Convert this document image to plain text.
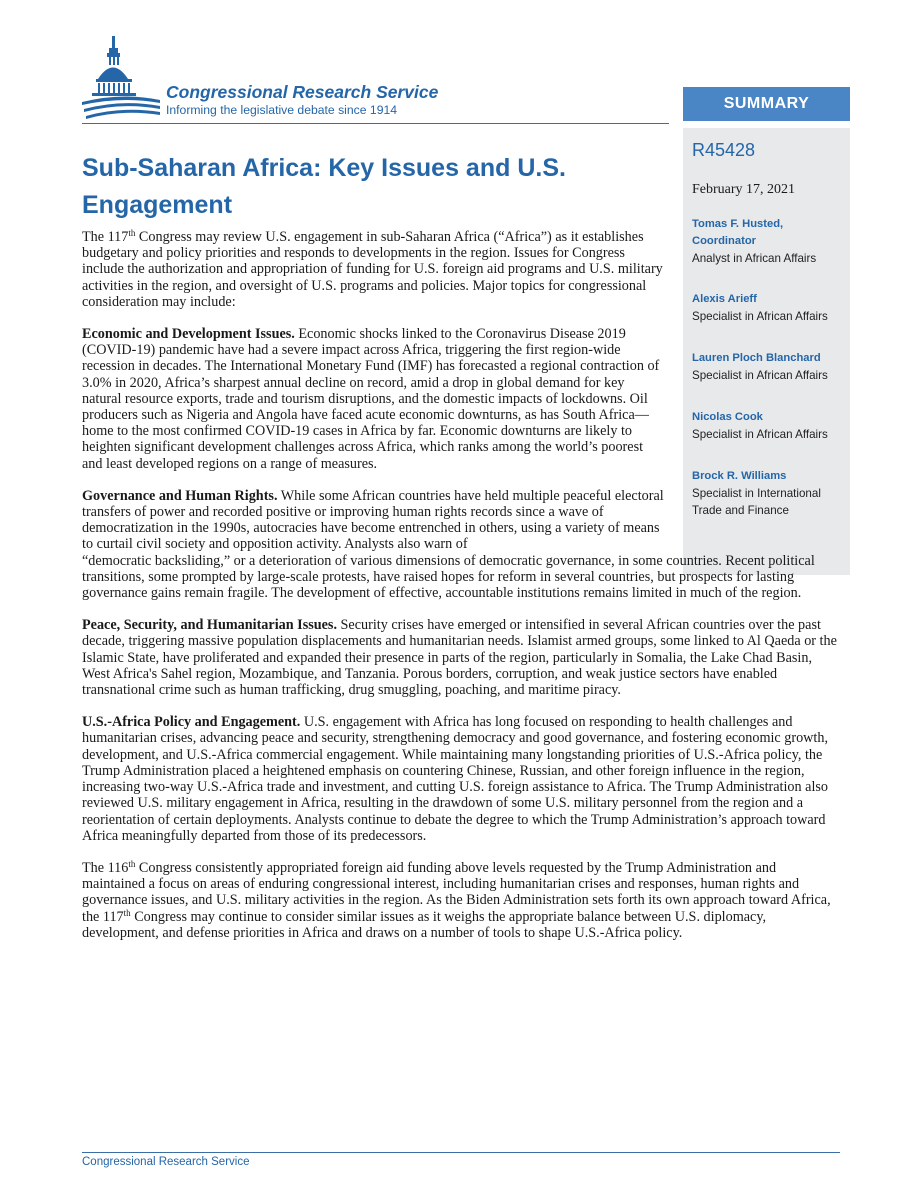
Congressional Research Service
Informing the legislative debate since 1914	SUMMARY
R45428
February 17, 2021
Tomas F. Husted,
Coordinator
Analyst in African Affairs
Alexis Arieff
Specialist in African Affairs
Lauren Ploch Blanchard
Specialist in African Affairs
Nicolas Cook
Specialist in African Affairs
Brock R. Williams
Specialist in International Trade and Finance
Sub-Saharan Africa: Key Issues and U.S. Engagement

The 117th Congress may review U.S. engagement in sub-Saharan Africa (“Africa”) as it establishes budgetary and policy priorities and responds to developments in the region. Issues for Congress include the authorization and appropriation of funding for U.S. foreign aid programs and U.S. military activities in the region, and oversight of U.S. programs and policies. Major topics for congressional consideration may include:

Economic and Development Issues. Economic shocks linked to the Coronavirus Disease 2019 (COVID-19) pandemic have had a severe impact across Africa, triggering the first region-wide recession in decades. The International Monetary Fund (IMF) has forecasted a regional contraction of 3.0% in 2020, Africa’s sharpest annual decline on record, amid a drop in global demand for key natural resource exports, trade and tourism disruptions, and the domestic impacts of lockdowns. Oil producers such as Nigeria and Angola have faced acute economic downturns, as has South Africa—home to the most confirmed COVID-19 cases in Africa by far. Economic downturns are likely to heighten significant development challenges across Africa, which ranks among the world’s poorest and least developed regions on a range of measures.

Governance and Human Rights. While some African countries have held multiple peaceful electoral transfers of power and recorded positive or improving human rights records since a wave of democratization in the 1990s, autocracies have become entrenched in others, using a variety of means to curtail civil society and opposition activity. Analysts also warn of
“democratic backsliding,” or a deterioration of various dimensions of democratic governance, in some countries. Recent political transitions, some prompted by large-scale protests, have raised hopes for reform in several countries, but prospects for lasting governance gains remain fragile. The development of effective, accountable institutions remains limited in much of the region.

Peace, Security, and Humanitarian Issues. Security crises have emerged or intensified in several African countries over the past decade, triggering massive population displacements and humanitarian needs. Islamist armed groups, some linked to Al Qaeda or the Islamic State, have proliferated and expanded their presence in parts of the region, particularly in Somalia, the Lake Chad Basin, West Africa's Sahel region, Mozambique, and Tanzania. Porous borders, corruption, and weak justice sectors have enabled transnational crime such as human trafficking, drug smuggling, poaching, and maritime piracy.

U.S.-Africa Policy and Engagement. U.S. engagement with Africa has long focused on responding to health challenges and humanitarian crises, advancing peace and security, strengthening democracy and good governance, and fostering economic growth, development, and U.S.-Africa commercial engagement. While maintaining many longstanding priorities of U.S.-Africa policy, the Trump Administration placed a heightened emphasis on countering Chinese, Russian, and other foreign influence in the region, increasing two-way U.S.-Africa trade and investment, and cutting U.S. foreign assistance to Africa. The Trump Administration also reviewed U.S. military engagement in Africa, resulting in the drawdown of some U.S. military personnel from the region and a reorientation of certain deployments. Analysts continue to debate the degree to which the Trump Administration’s approach toward Africa meaningfully departed from those of its predecessors.

The 116th Congress consistently appropriated foreign aid funding above levels requested by the Trump Administration and maintained a focus on areas of enduring congressional interest, including humanitarian crises and responses, human rights and governance issues, and U.S. military activities in the region. As the Biden Administration sets forth its own approach toward Africa, the 117th Congress may continue to consider similar issues as it weighs the appropriate balance between U.S. diplomacy, development, and defense priorities in Africa and draws on a number of tools to shape U.S.-Africa policy.

Congressional Research Service
